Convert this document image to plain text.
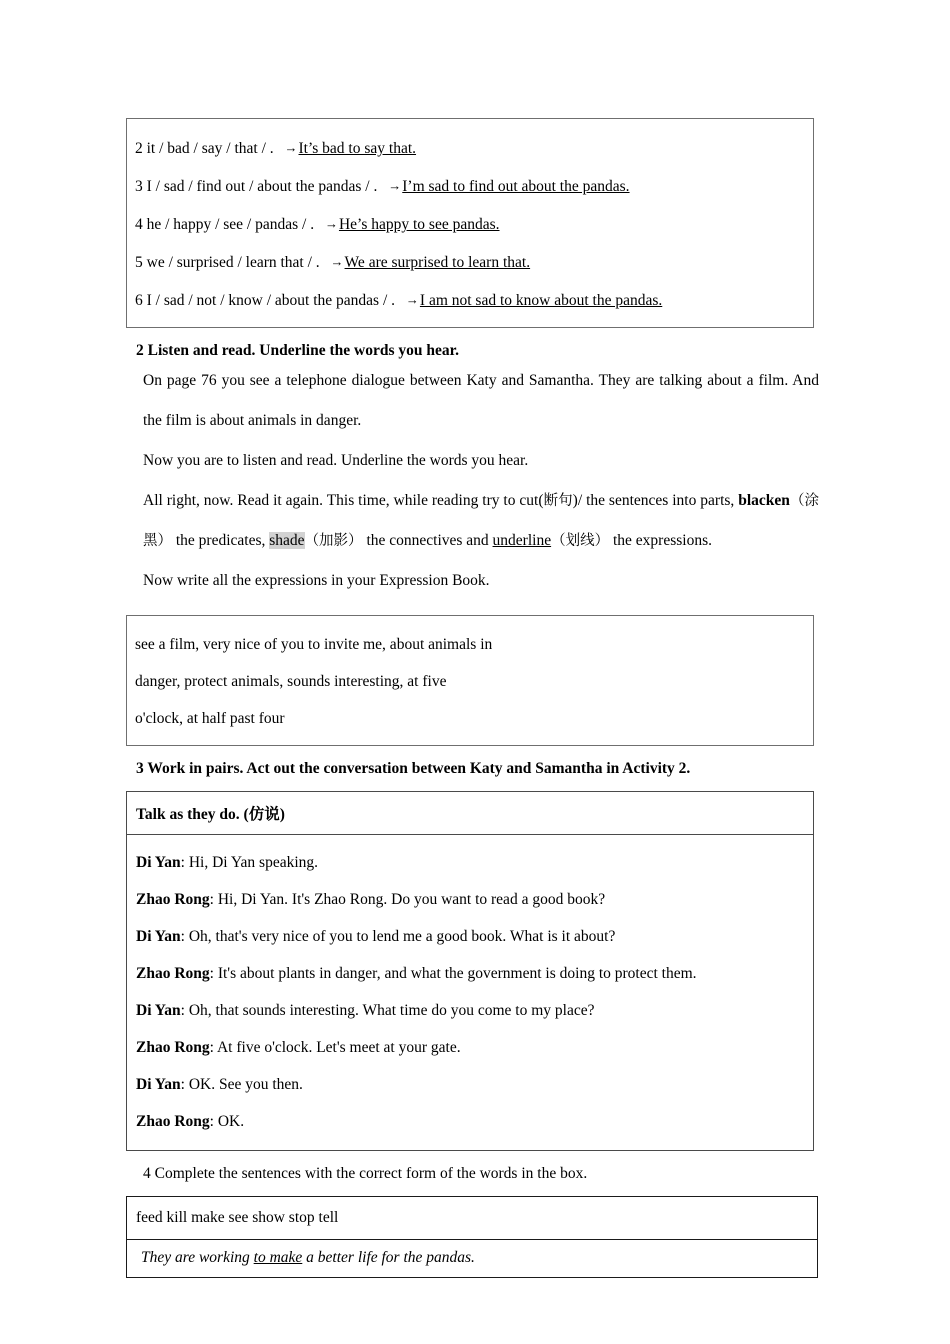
2 it / bad / say / that / . →It’s bad to say that.
3 I / sad / find out / about the pandas / . →I’m sad to find out about the pandas.
4 he / happy / see / pandas / . →He’s happy to see pandas.
5 we / surprised / learn that / . →We are surprised to learn that.
6 I / sad / not / know / about the pandas / . →I am not sad to know about the pandas.
2 Listen and read. Underline the words you hear.
On page 76 you see a telephone dialogue between Katy and Samantha. They are talking about a film. And the film is about animals in danger.
Now you are to listen and read. Underline the words you hear.
All right, now. Read it again. This time, while reading try to cut(断句)/ the sentences into parts, blacken（涂黑） the predicates, shade（加影） the connectives and underline（划线） the expressions.
Now write all the expressions in your Expression Book.
see a film, very nice of you to invite me, about animals in
danger, protect animals, sounds interesting, at five
o'clock, at half past four
3 Work in pairs. Act out the conversation between Katy and Samantha in Activity 2.
Talk as they do. (仿说)

Di Yan: Hi, Di Yan speaking.
Zhao Rong: Hi, Di Yan. It's Zhao Rong. Do you want to read a good book?
Di Yan: Oh, that's very nice of you to lend me a good book. What is it about?
Zhao Rong: It's about plants in danger, and what the government is doing to protect them.
Di Yan: Oh, that sounds interesting. What time do you come to my place?
Zhao Rong: At five o'clock. Let's meet at your gate.
Di Yan: OK. See you then.
Zhao Rong: OK.
4 Complete the sentences with the correct form of the words in the box.
feed kill make see show stop tell

They are working to make a better life for the pandas.
